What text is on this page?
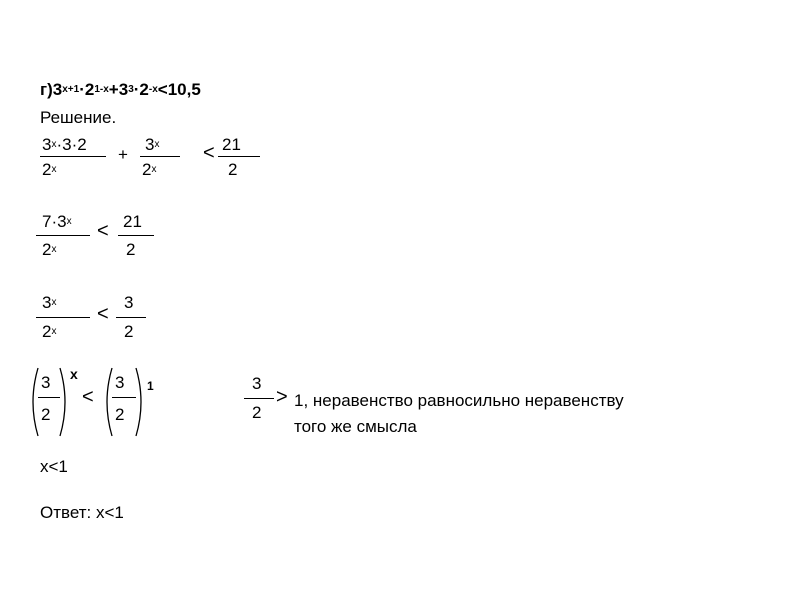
$г)3^{x+1}\cdot 2^{1-x}+3^3\cdot 2^{-x}<10,5$
Решение.
$3^x\cdot 3\cdot 2$
$2^x$
+
$3^x$
$2^x$
< 21
2
$7\cdot 3^x$
$2^x$
< 21
2
3$^x$
$2^x$
<
3
2
3
2
x
<
3
2
1	3
2
> 1, неравенство равносильно неравенству
того же смысла
x<1
Ответ: x<1
